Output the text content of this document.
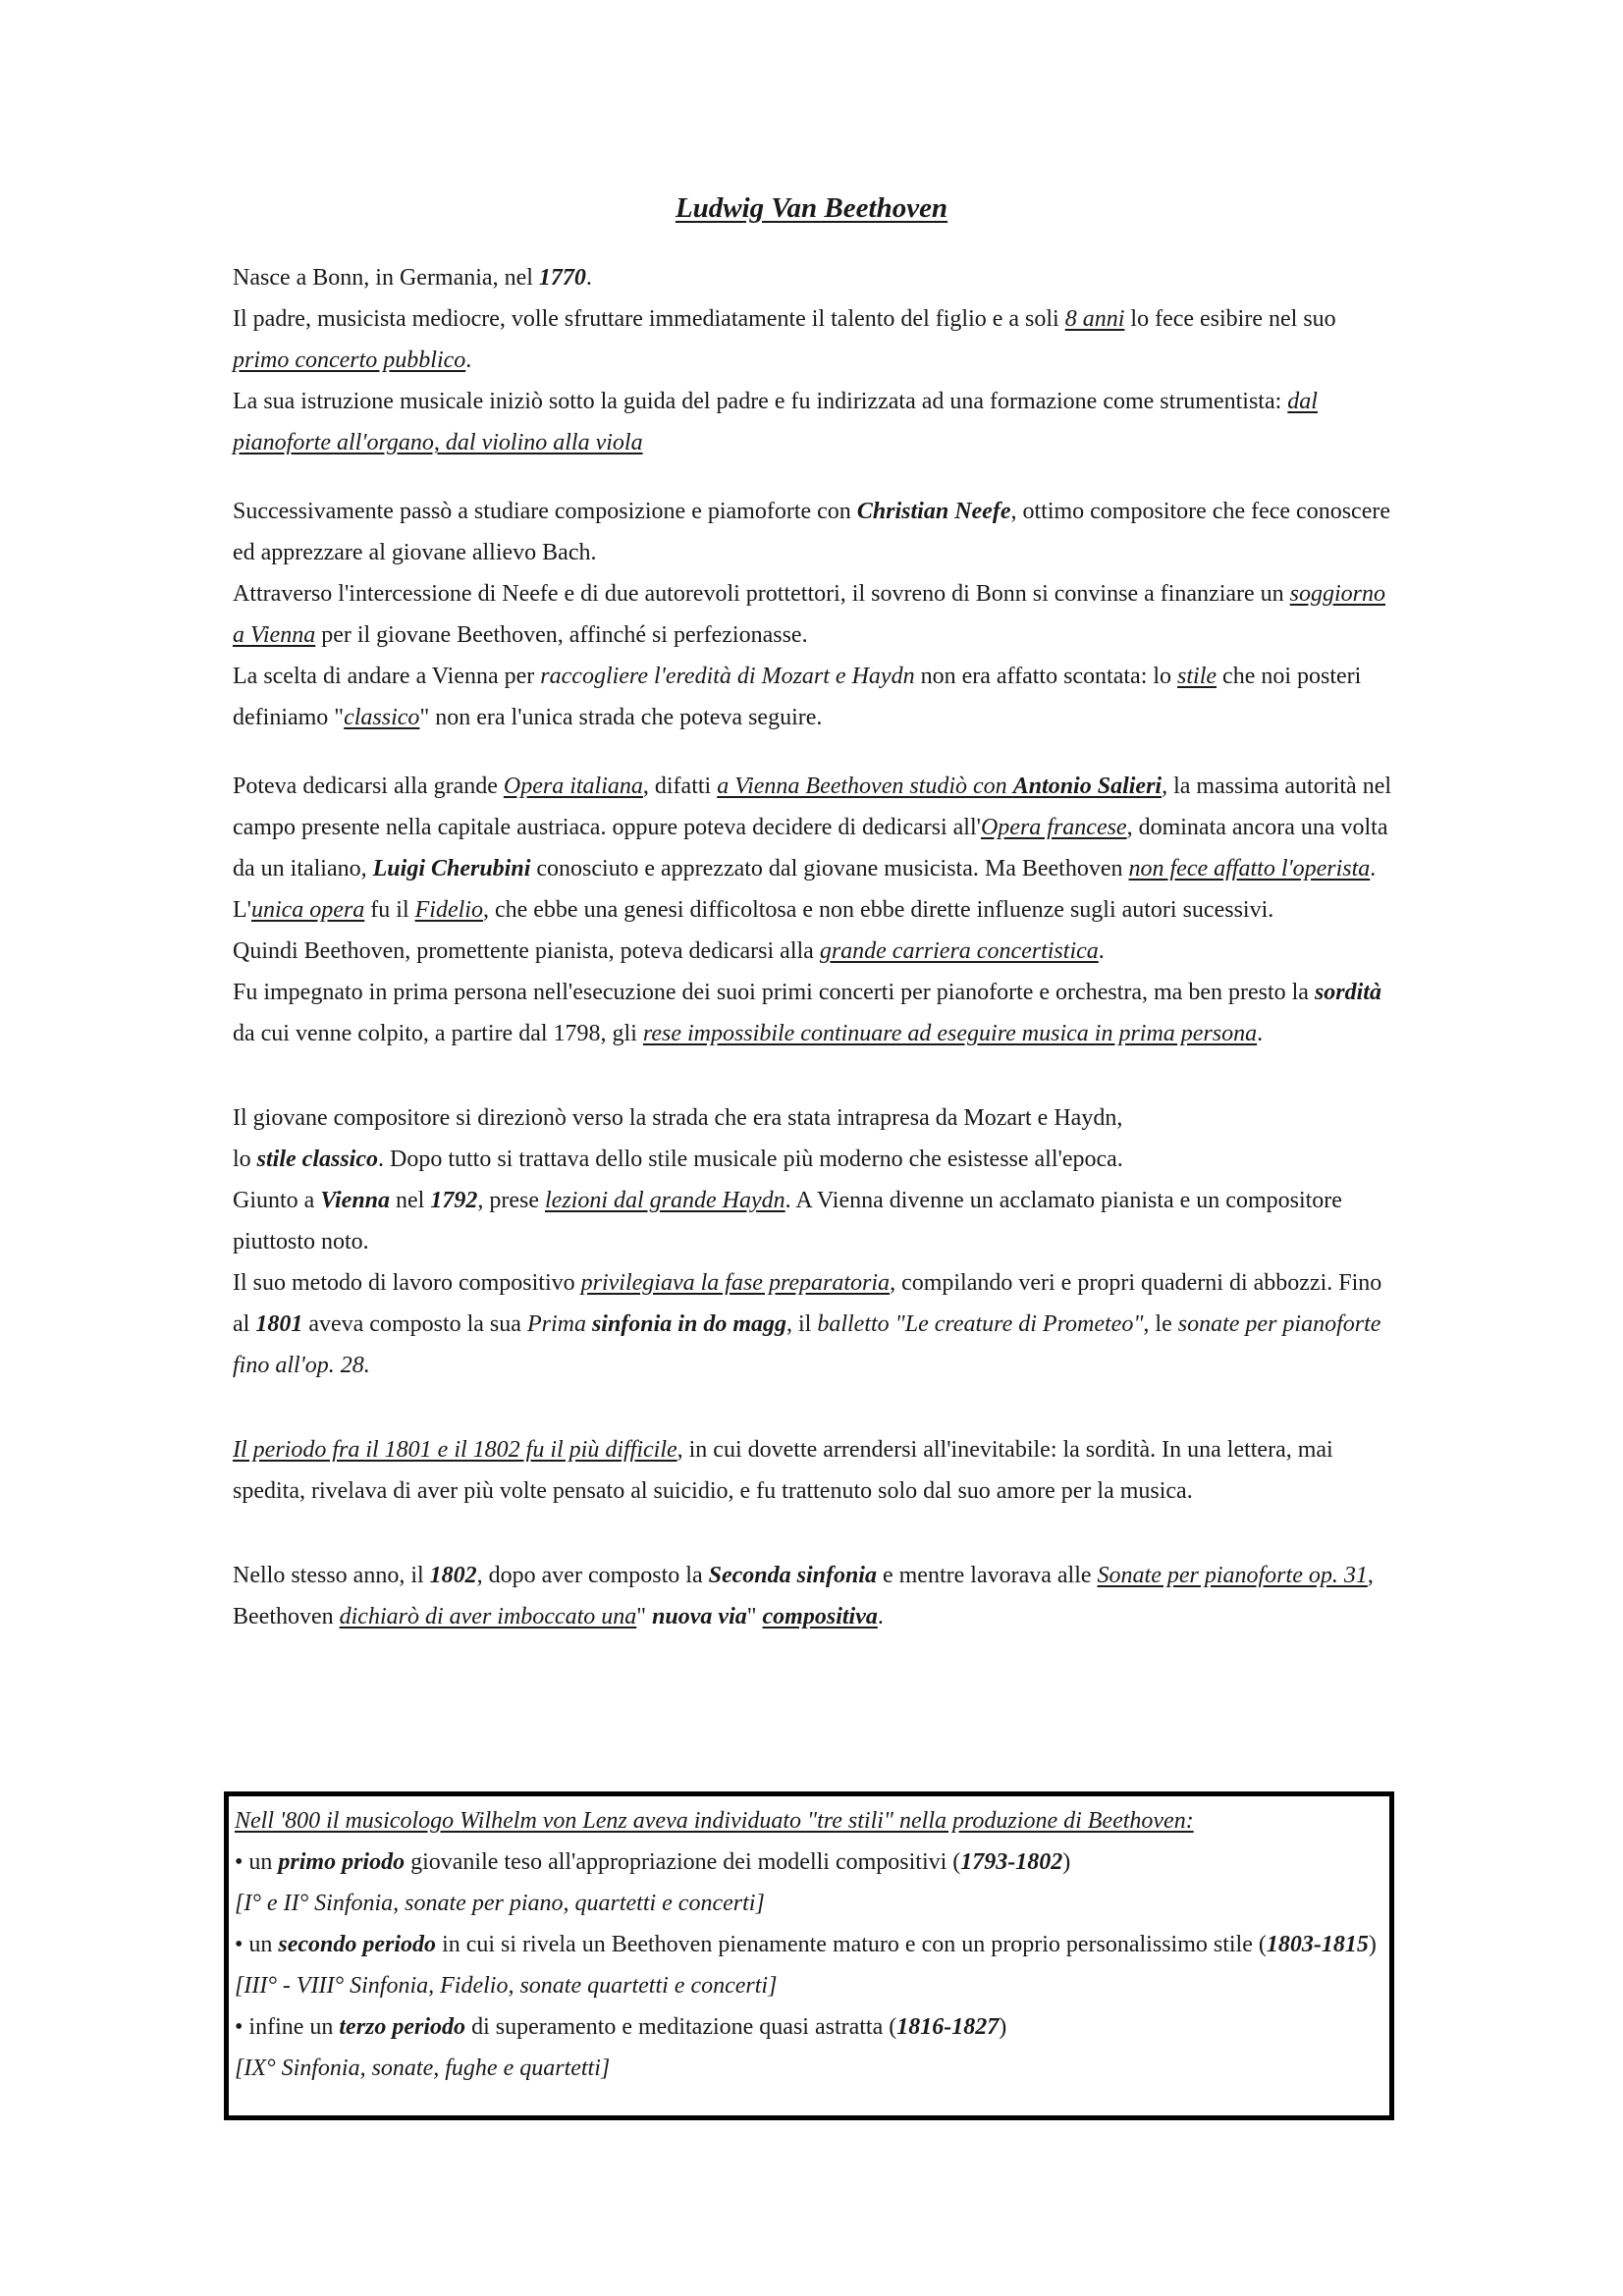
Ludwig Van Beethoven
Nasce a Bonn, in Germania, nel 1770.
Il padre, musicista mediocre, volle sfruttare immediatamente il talento del figlio e a soli 8 anni lo fece esibire nel suo primo concerto pubblico.
La sua istruzione musicale iniziò sotto la guida del padre e fu indirizzata ad una formazione come strumentista: dal pianoforte all'organo, dal violino alla viola
Successivamente passò a studiare composizione e piamoforte con Christian Neefe, ottimo compositore che fece conoscere ed apprezzare al giovane allievo Bach.
Attraverso l'intercessione di Neefe e di due autorevoli prottettori, il sovreno di Bonn si convinse a finanziare un soggiorno a Vienna per il giovane Beethoven, affinché si perfezionasse.
La scelta di andare a Vienna per raccogliere l'eredità di Mozart e Haydn non era affatto scontata: lo stile che noi posteri definiamo "classico" non era l'unica strada che poteva seguire.
Poteva dedicarsi alla grande Opera italiana, difatti a Vienna Beethoven studiò con Antonio Salieri, la massima autorità nel campo presente nella capitale austriaca. oppure poteva decidere di dedicarsi all'Opera francese, dominata ancora una volta da un italiano, Luigi Cherubini conosciuto e apprezzato dal giovane musicista. Ma Beethoven non fece affatto l'operista. L'unica opera fu il Fidelio, che ebbe una genesi difficoltosa e non ebbe dirette influenze sugli autori sucessivi.
Quindi Beethoven, promettente pianista, poteva dedicarsi alla grande carriera concertistica.
Fu impegnato in prima persona nell'esecuzione dei suoi primi concerti per pianoforte e orchestra, ma ben presto la sordità da cui venne colpito, a partire dal 1798, gli rese impossibile continuare ad eseguire musica in prima persona.
Il giovane compositore si direzionò verso la strada che era stata intrapresa da Mozart e Haydn,
lo stile classico. Dopo tutto si trattava dello stile musicale più moderno che esistesse all'epoca.
Giunto a Vienna nel 1792, prese lezioni dal grande Haydn. A Vienna divenne un acclamato pianista e un compositore piuttosto noto.
Il suo metodo di lavoro compositivo privilegiava la fase preparatoria, compilando veri e propri quaderni di abbozzi. Fino al 1801 aveva composto la sua Prima sinfonia in do magg, il balletto "Le creature di Prometeo", le sonate per pianoforte fino all'op. 28.
Il periodo fra il 1801 e il 1802 fu il più difficile, in cui dovette arrendersi all'inevitabile: la sordità. In una lettera, mai spedita, rivelava di aver più volte pensato al suicidio, e fu trattenuto solo dal suo amore per la musica.
Nello stesso anno, il 1802, dopo aver composto la Seconda sinfonia e mentre lavorava alle Sonate per pianoforte op. 31, Beethoven dichiarò di aver imboccato una" nuova via" compositiva.
Nell '800 il musicologo Wilhelm von Lenz aveva individuato "tre stili" nella produzione di Beethoven:
• un primo priodo giovanile teso all'appropriazione dei modelli compositivi (1793-1802)
[I° e II° Sinfonia, sonate per piano, quartetti e concerti]
• un secondo periodo in cui si rivela un Beethoven pienamente maturo e con un proprio personalissimo stile (1803-1815) [III° - VIII° Sinfonia, Fidelio, sonate quartetti e concerti]
• infine un terzo periodo di superamento e meditazione quasi astratta (1816-1827)
[IX° Sinfonia, sonate, fughe e quartetti]
